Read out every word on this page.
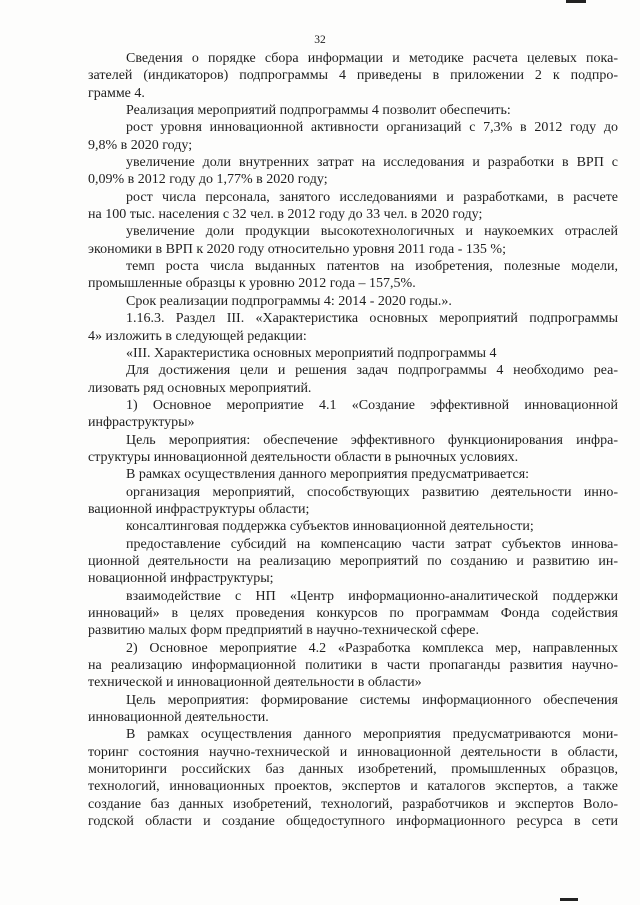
32
Сведения о порядке сбора информации и методике расчета целевых пока-
зателей (индикаторов) подпрограммы 4 приведены в приложении 2 к подпро-
грамме 4.
Реализация мероприятий подпрограммы 4 позволит обеспечить:
рост уровня инновационной активности организаций с 7,3% в 2012 году до
9,8% в 2020 году;
увеличение доли внутренних затрат на исследования и разработки в ВРП с
0,09% в 2012 году до 1,77% в 2020 году;
рост числа персонала, занятого исследованиями и разработками, в расчете
на 100 тыс. населения с 32 чел. в 2012 году до 33 чел. в 2020 году;
увеличение доли продукции высокотехнологичных и наукоемких отраслей
экономики в ВРП к 2020 году относительно уровня 2011 года - 135 %;
темп роста числа выданных патентов на изобретения, полезные модели,
промышленные образцы к уровню 2012 года – 157,5%.
Срок реализации подпрограммы 4: 2014 - 2020 годы.».
1.16.3. Раздел III. «Характеристика основных мероприятий подпрограммы
4» изложить в следующей редакции:
«III. Характеристика основных мероприятий подпрограммы 4
Для достижения цели и решения задач подпрограммы 4 необходимо реа-
лизовать ряд основных мероприятий.
1) Основное мероприятие 4.1 «Создание эффективной инновационной
инфраструктуры»
Цель мероприятия: обеспечение эффективного функционирования инфра-
структуры инновационной деятельности области в рыночных условиях.
В рамках осуществления данного мероприятия предусматривается:
организация мероприятий, способствующих развитию деятельности инно-
вационной инфраструктуры области;
консалтинговая поддержка субъектов инновационной деятельности;
предоставление субсидий на компенсацию части затрат субъектов иннова-
ционной деятельности на реализацию мероприятий по созданию и развитию ин-
новационной инфраструктуры;
взаимодействие с НП «Центр информационно-аналитической поддержки
инноваций» в целях проведения конкурсов по программам Фонда содействия
развитию малых форм предприятий в научно-технической сфере.
2) Основное мероприятие 4.2 «Разработка комплекса мер, направленных
на реализацию информационной политики в части пропаганды развития научно-
технической и инновационной деятельности в области»
Цель мероприятия: формирование системы информационного обеспечения
инновационной деятельности.
В рамках осуществления данного мероприятия предусматриваются мони-
торинг состояния научно-технической и инновационной деятельности в области,
мониторинги российских баз данных изобретений, промышленных образцов,
технологий, инновационных проектов, экспертов и каталогов экспертов, а также
создание баз данных изобретений, технологий, разработчиков и экспертов Воло-
годской области и создание общедоступного информационного ресурса в сети
